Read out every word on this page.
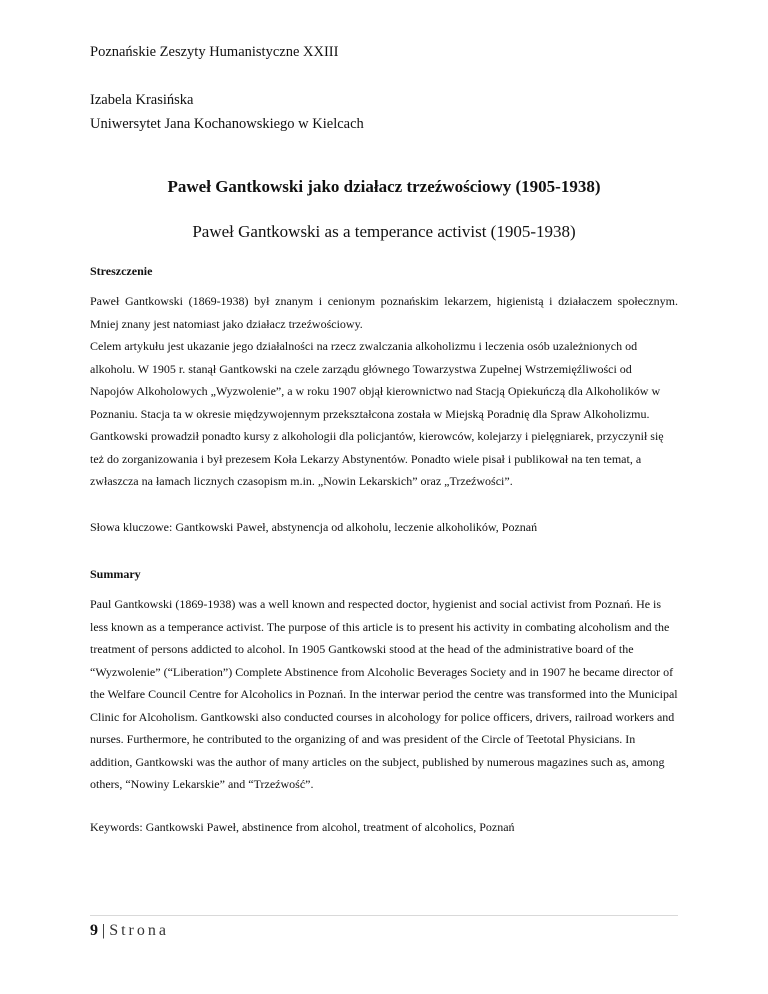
Poznańskie Zeszyty Humanistyczne XXIII
Izabela Krasińska
Uniwersytet Jana Kochanowskiego w Kielcach
Paweł Gantkowski jako działacz trzeźwościowy (1905-1938)
Paweł Gantkowski as a temperance activist (1905-1938)
Streszczenie

Paweł Gantkowski (1869-1938) był znanym i cenionym poznańskim lekarzem, higienistą i działaczem społecznym. Mniej znany jest natomiast jako działacz trzeźwościowy.

Celem artykułu jest ukazanie jego działalności na rzecz zwalczania alkoholizmu i leczenia osób uzależnionych od alkoholu. W 1905 r. stanął Gantkowski na czele zarządu głównego Towarzystwa Zupełnej Wstrzemięźliwości od Napojów Alkoholowych „Wyzwolenie”, a w roku 1907 objął kierownictwo nad Stacją Opiekuńczą dla Alkoholików w Poznaniu. Stacja ta w okresie międzywojennym przekształcona została w Miejską Poradnię dla Spraw Alkoholizmu. Gantkowski prowadził ponadto kursy z alkohologii dla policjantów, kierowców, kolejarzy i pielęgniarek, przyczynił się też do zorganizowania i był prezesem Koła Lekarzy Abstynentów. Ponadto wiele pisał i publikował na ten temat, a zwłaszcza na łamach licznych czasopism m.in. „Nowin Lekarskich” oraz „Trzeźwości”.

Słowa kluczowe: Gantkowski Paweł, abstynencja od alkoholu, leczenie alkoholików, Poznań
Summary

Paul Gantkowski (1869-1938) was a well known and respected doctor, hygienist and social activist from Poznań. He is less known as a temperance activist. The purpose of this article is to present his activity in combating alcoholism and the treatment of persons addicted to alcohol. In 1905 Gantkowski stood at the head of the administrative board of the “Wyzwolenie” (“Liberation”) Complete Abstinence from Alcoholic Beverages Society and in 1907 he became director of the Welfare Council Centre for Alcoholics in Poznań. In the interwar period the centre was transformed into the Municipal Clinic for Alcoholism. Gantkowski also conducted courses in alcohology for police officers, drivers, railroad workers and nurses. Furthermore, he contributed to the organizing of and was president of the Circle of Teetotal Physicians. In addition, Gantkowski was the author of many articles on the subject, published by numerous magazines such as, among others, “Nowiny Lekarskie” and “Trzeźwość”.

Keywords: Gantkowski Paweł, abstinence from alcohol, treatment of alcoholics, Poznań
9 | Strona
